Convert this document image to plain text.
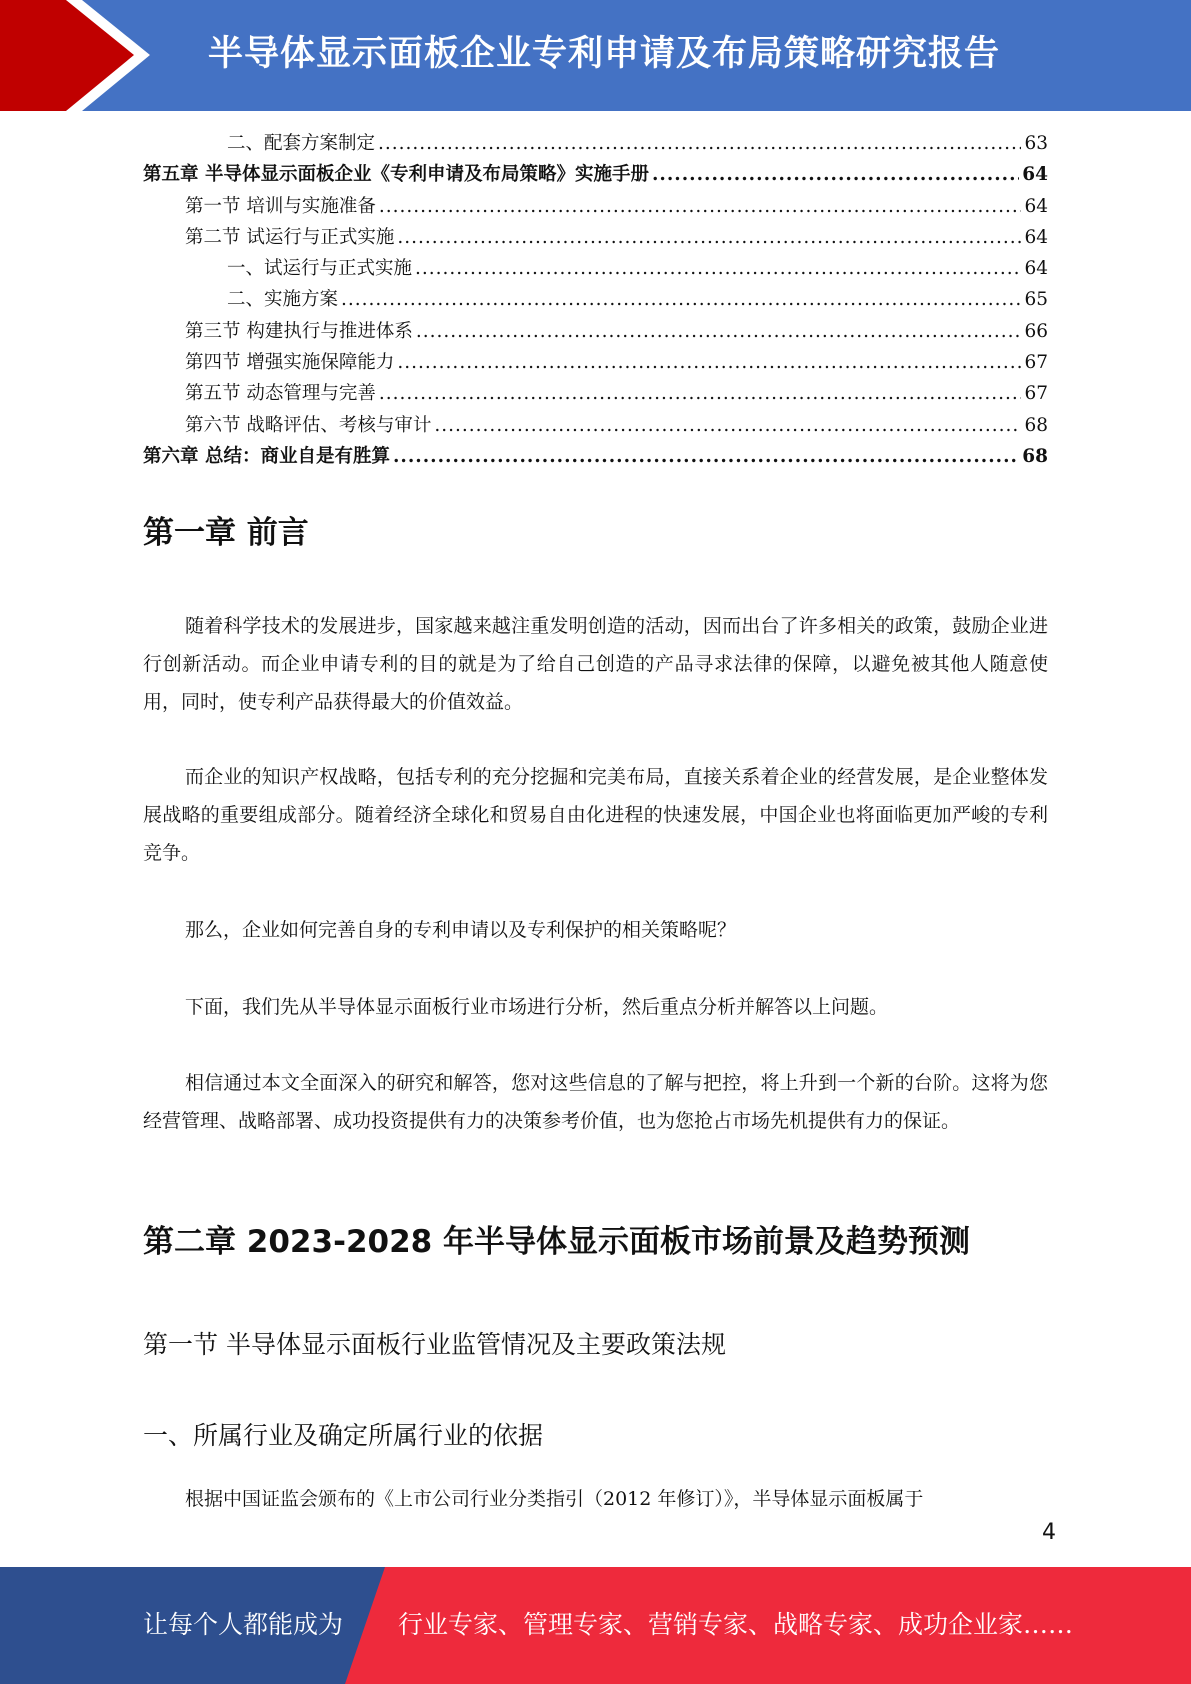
半导体显示面板企业专利申请及布局策略研究报告
二、配套方案制定 .....	63
第五章 半导体显示面板企业《专利申请及布局策略》实施手册 .....	64
第一节 培训与实施准备 .....	64
第二节 试运行与正式实施 .....	64
一、试运行与正式实施 .....	64
二、实施方案 .....	65
第三节 构建执行与推进体系 .....	66
第四节 增强实施保障能力 .....	67
第五节 动态管理与完善 .....	67
第六节 战略评估、考核与审计 .....	68
第六章 总结：商业自是有胜算 .....	68
第一章 前言

随着科学技术的发展进步，国家越来越注重发明创造的活动，因而出台了许多相关的政策，鼓励企业进行创新活动。而企业申请专利的目的就是为了给自己创造的产品寻求法律的保障，以避免被其他人随意使用，同时，使专利产品获得最大的价值效益。

而企业的知识产权战略，包括专利的充分挖掘和完美布局，直接关系着企业的经营发展，是企业整体发展战略的重要组成部分。随着经济全球化和贸易自由化进程的快速发展，中国企业也将面临更加严峻的专利竞争。

那么，企业如何完善自身的专利申请以及专利保护的相关策略呢？

下面，我们先从半导体显示面板行业市场进行分析，然后重点分析并解答以上问题。

相信通过本文全面深入的研究和解答，您对这些信息的了解与把控，将上升到一个新的台阶。这将为您经营管理、战略部署、成功投资提供有力的决策参考价值，也为您抢占市场先机提供有力的保证。

第二章 2023-2028 年半导体显示面板市场前景及趋势预测
第一节 半导体显示面板行业监管情况及主要政策法规
一、所属行业及确定所属行业的依据

根据中国证监会颁布的《上市公司行业分类指引（2012 年修订）》，半导体显示面板属于

4
让每个人都能成为 行业专家、管理专家、营销专家、战略专家、成功企业家……
